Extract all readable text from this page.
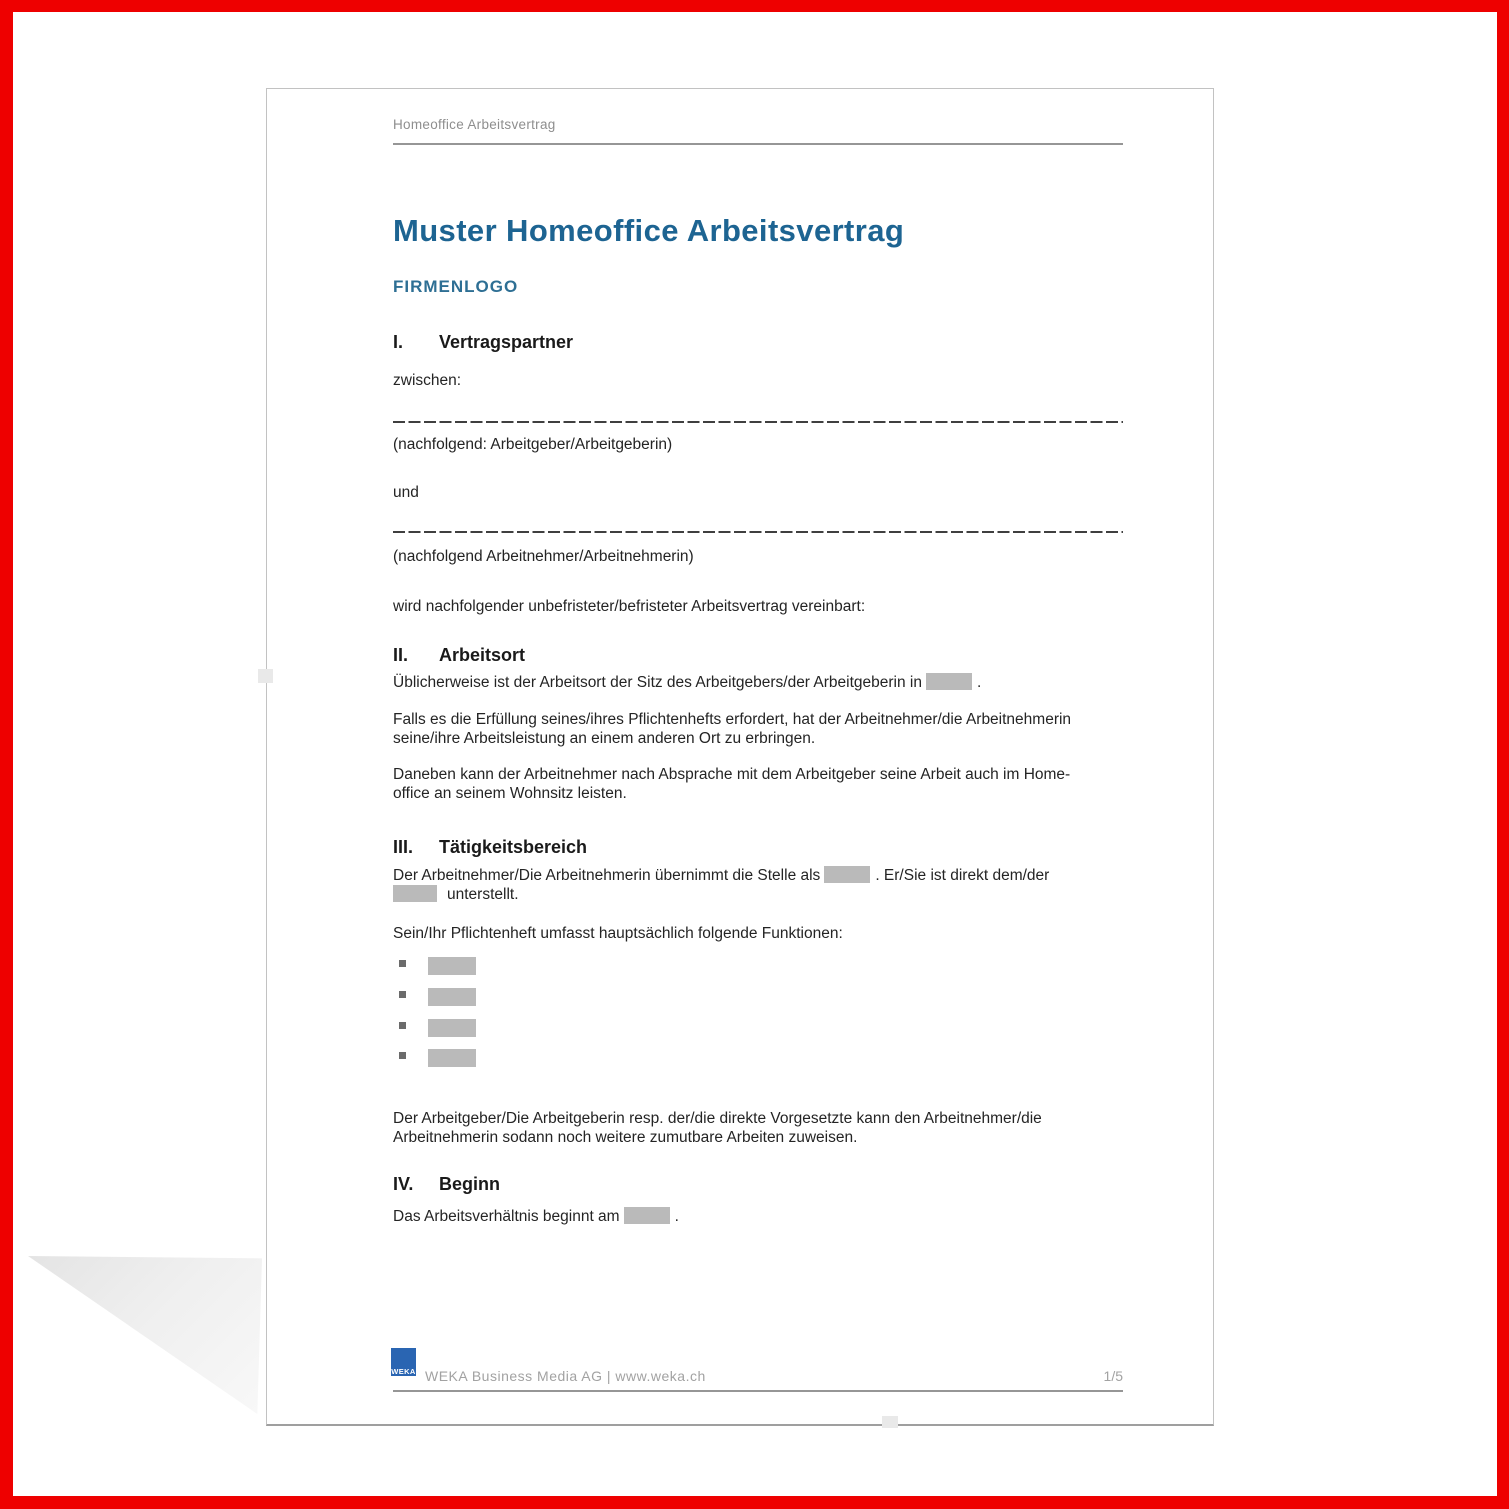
Homeoffice Arbeitsvertrag
Muster Homeoffice Arbeitsvertrag
FIRMENLOGO
I. Vertragspartner
zwischen:
(nachfolgend: Arbeitgeber/Arbeitgeberin)
und
(nachfolgend Arbeitnehmer/Arbeitnehmerin)
wird nachfolgender unbefristeter/befristeter Arbeitsvertrag vereinbart:
II. Arbeitsort
Üblicherweise ist der Arbeitsort der Sitz des Arbeitgebers/der Arbeitgeberin in	.
Falls es die Erfüllung seines/ihres Pflichtenhefts erfordert, hat der Arbeitnehmer/die Arbeitnehmerin
seine/ihre Arbeitsleistung an einem anderen Ort zu erbringen.
Daneben kann der Arbeitnehmer nach Absprache mit dem Arbeitgeber seine Arbeit auch im Home-
office an seinem Wohnsitz leisten.
III. Tätigkeitsbereich
Der Arbeitnehmer/Die Arbeitnehmerin übernimmt die Stelle als	. Er/Sie ist direkt dem/der
unterstellt.
Sein/Ihr Pflichtenheft umfasst hauptsächlich folgende Funktionen:
Der Arbeitgeber/Die Arbeitgeberin resp. der/die direkte Vorgesetzte kann den Arbeitnehmer/die
Arbeitnehmerin sodann noch weitere zumutbare Arbeiten zuweisen.
IV. Beginn
Das Arbeitsverhältnis beginnt am	.
WEKA WEKA Business Media AG | www.weka.ch	1/5
